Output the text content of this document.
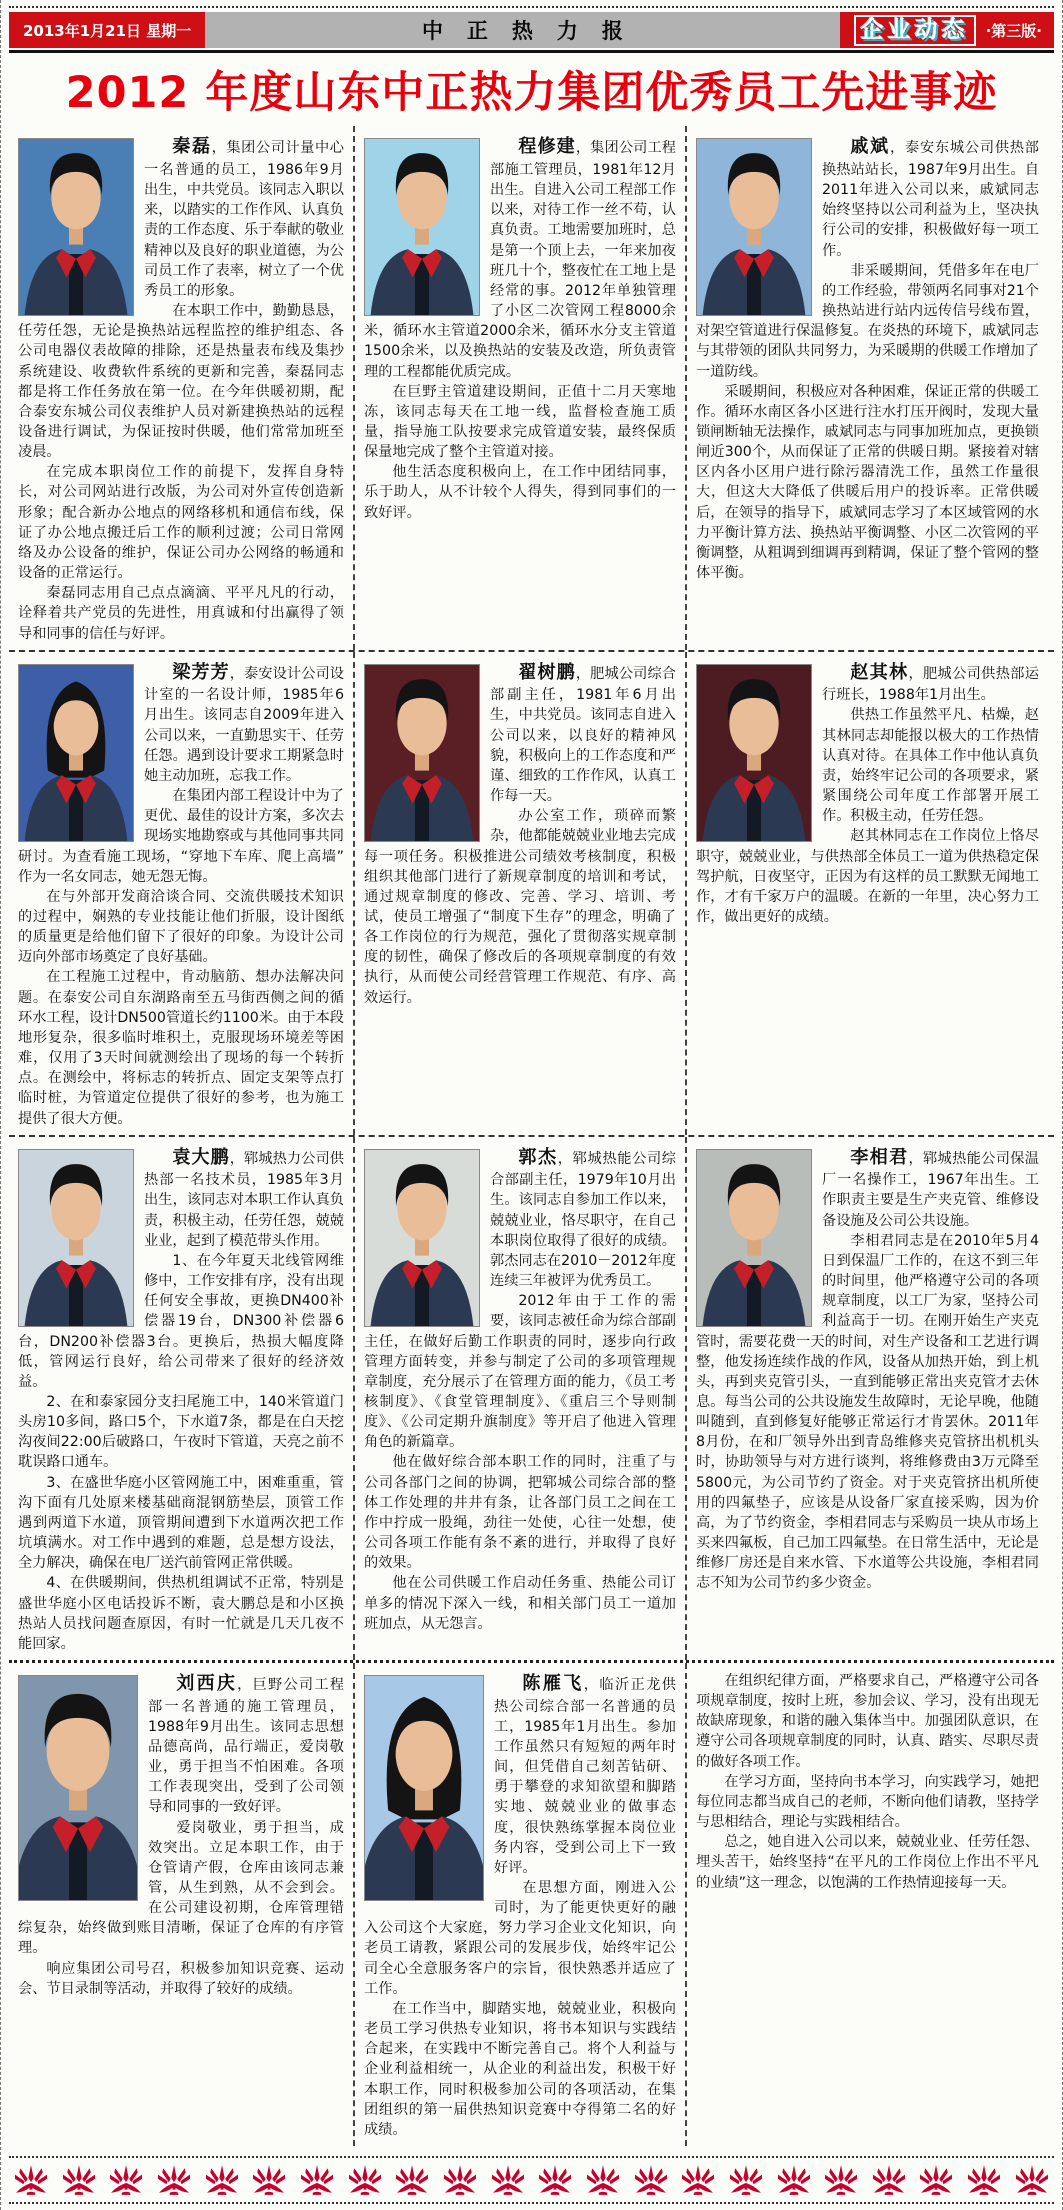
2013年1月21日 星期一	中正热力报	企业动态	·第三版·
2012 年度山东中正热力集团优秀员工先进事迹

秦磊，集团公司计量中心一名普通的员工，1986年9月出生，中共党员。该同志入职以来，以踏实的工作作风、认真负责的工作态度、乐于奉献的敬业精神以及良好的职业道德，为公司员工作了表率，树立了一个优秀员工的形象。

在本职工作中，勤勤恳恳，任劳任怨，无论是换热站远程监控的维护组态、各公司电器仪表故障的排除，还是热量表布线及集抄系统建设、收费软件系统的更新和完善，秦磊同志都是将工作任务放在第一位。在今年供暖初期，配合泰安东城公司仪表维护人员对新建换热站的远程设备进行调试，为保证按时供暖，他们常常加班至凌晨。

在完成本职岗位工作的前提下，发挥自身特长，对公司网站进行改版，为公司对外宣传创造新形象；配合新办公地点的网络移机和通信布线，保证了办公地点搬迁后工作的顺利过渡；公司日常网络及办公设备的维护，保证公司办公网络的畅通和设备的正常运行。

秦磊同志用自己点点滴滴、平平凡凡的行动，诠释着共产党员的先进性，用真诚和付出赢得了领导和同事的信任与好评。

程修建，集团公司工程部施工管理员，1981年12月出生。自进入公司工程部工作以来，对待工作一丝不苟，认真负责。工地需要加班时，总是第一个顶上去，一年来加夜班几十个，整夜忙在工地上是经常的事。2012年单独管理了小区二次管网工程8000余米，循环水主管道2000余米，循环水分支主管道1500余米，以及换热站的安装及改造，所负责管理的工程都能优质完成。

在巨野主管道建设期间，正值十二月天寒地冻，该同志每天在工地一线，监督检查施工质量，指导施工队按要求完成管道安装，最终保质保量地完成了整个主管道对接。

他生活态度积极向上，在工作中团结同事，乐于助人，从不计较个人得失，得到同事们的一致好评。

戚斌，泰安东城公司供热部换热站站长，1987年9月出生。自2011年进入公司以来，戚斌同志始终坚持以公司利益为上，坚决执行公司的安排，积极做好每一项工作。

非采暖期间，凭借多年在电厂的工作经验，带领两名同事对21个换热站进行站内远传信号线布置，对架空管道进行保温修复。在炎热的环境下，戚斌同志与其带领的团队共同努力，为采暖期的供暖工作增加了一道防线。

采暖期间，积极应对各种困难，保证正常的供暖工作。循环水南区各小区进行注水打压开阀时，发现大量锁闸断轴无法操作，戚斌同志与同事加班加点，更换锁闸近300个，从而保证了正常的供暖日期。紧接着对辖区内各小区用户进行除污器清洗工作，虽然工作量很大，但这大大降低了供暖后用户的投诉率。正常供暖后，在领导的指导下，戚斌同志学习了本区域管网的水力平衡计算方法、换热站平衡调整、小区二次管网的平衡调整，从粗调到细调再到精调，保证了整个管网的整体平衡。

梁芳芳，泰安设计公司设计室的一名设计师，1985年6月出生。该同志自2009年进入公司以来，一直勤思实干、任劳任怨。遇到设计要求工期紧急时她主动加班，忘我工作。

在集团内部工程设计中为了更优、最佳的设计方案，多次去现场实地勘察或与其他同事共同研讨。为查看施工现场，“穿地下车库、爬上高墙”作为一名女同志，她无怨无悔。

在与外部开发商洽谈合同、交流供暖技术知识的过程中，娴熟的专业技能让他们折服，设计图纸的质量更是给他们留下了很好的印象。为设计公司迈向外部市场奠定了良好基础。

在工程施工过程中，肯动脑筋、想办法解决问题。在泰安公司自东湖路南至五马街西侧之间的循环水工程，设计DN500管道长约1100米。由于本段地形复杂，很多临时堆积土，克服现场环境差等困难，仅用了3天时间就测绘出了现场的每一个转折点。在测绘中，将标志的转折点、固定支架等点打临时桩，为管道定位提供了很好的参考，也为施工提供了很大方便。

翟树鹏，肥城公司综合部副主任，1981年6月出生，中共党员。该同志自进入公司以来，以良好的精神风貌，积极向上的工作态度和严谨、细致的工作作风，认真工作每一天。

办公室工作，琐碎而繁杂，他都能兢兢业业地去完成每一项任务。积极推进公司绩效考核制度，积极组织其他部门进行了新规章制度的培训和考试，通过规章制度的修改、完善、学习、培训、考试，使员工增强了“制度下生存”的理念，明确了各工作岗位的行为规范，强化了贯彻落实规章制度的韧性，确保了修改后的各项规章制度的有效执行，从而使公司经营管理工作规范、有序、高效运行。

赵其林，肥城公司供热部运行班长，1988年1月出生。

供热工作虽然平凡、枯燥，赵其林同志却能报以极大的工作热情认真对待。在具体工作中他认真负责，始终牢记公司的各项要求，紧紧围绕公司年度工作部署开展工作。积极主动，任劳任怨。

赵其林同志在工作岗位上恪尽职守，兢兢业业，与供热部全体员工一道为供热稳定保驾护航，日夜坚守，正因为有这样的员工默默无闻地工作，才有千家万户的温暖。在新的一年里，决心努力工作，做出更好的成绩。

袁大鹏，郓城热力公司供热部一名技术员，1985年3月出生，该同志对本职工作认真负责，积极主动，任劳任怨，兢兢业业，起到了模范带头作用。

1、在今年夏天北线管网维修中，工作安排有序，没有出现任何安全事故，更换DN400补偿器19台，DN300补偿器6台，DN200补偿器3台。更换后，热损大幅度降低，管网运行良好，给公司带来了很好的经济效益。

2、在和泰家园分支扫尾施工中，140米管道门头房10多间，路口5个，下水道7条，都是在白天挖沟夜间22:00后破路口，午夜时下管道，天亮之前不耽误路口通车。

3、在盛世华庭小区管网施工中，困难重重，管沟下面有几处原来楼基础商混钢筋垫层，顶管工作遇到两道下水道，顶管期间遭到下水道两次把工作坑填满水。对工作中遇到的难题，总是想方设法，全力解决，确保在电厂送汽前管网正常供暖。

4、在供暖期间，供热机组调试不正常，特别是盛世华庭小区电话投诉不断，袁大鹏总是和小区换热站人员找问题查原因，有时一忙就是几天几夜不能回家。

郭杰，郓城热能公司综合部副主任，1979年10月出生。该同志自参加工作以来，兢兢业业，恪尽职守，在自己本职岗位取得了很好的成绩。郭杰同志在2010－2012年度连续三年被评为优秀员工。

2012年由于工作的需要，该同志被任命为综合部副主任，在做好后勤工作职责的同时，逐步向行政管理方面转变，并参与制定了公司的多项管理规章制度，充分展示了在管理方面的能力，《员工考核制度》、《食堂管理制度》、《重启三个导则制度》、《公司定期升旗制度》等开启了他进入管理角色的新篇章。

他在做好综合部本职工作的同时，注重了与公司各部门之间的协调，把郓城公司综合部的整体工作处理的井井有条，让各部门员工之间在工作中拧成一股绳，劲往一处使，心往一处想，使公司各项工作能有条不紊的进行，并取得了良好的效果。

他在公司供暖工作启动任务重、热能公司订单多的情况下深入一线，和相关部门员工一道加班加点，从无怨言。

李相君，郓城热能公司保温厂一名操作工，1967年出生。工作职责主要是生产夹克管、维修设备设施及公司公共设施。

李相君同志是在2010年5月4日到保温厂工作的，在这不到三年的时间里，他严格遵守公司的各项规章制度，以工厂为家，坚持公司利益高于一切。在刚开始生产夹克管时，需要花费一天的时间，对生产设备和工艺进行调整，他发扬连续作战的作风，设备从加热开始，到上机头，再到夹克管引头，一直到能够正常出夹克管才去休息。每当公司的公共设施发生故障时，无论早晚，他随叫随到，直到修复好能够正常运行才肯罢休。2011年8月份，在和厂领导外出到青岛维修夹克管挤出机机头时，协助领导与对方进行谈判，将维修费由3万元降至5800元，为公司节约了资金。对于夹克管挤出机所使用的四氟垫子，应该是从设备厂家直接采购，因为价高，为了节约资金，李相君同志与采购员一块从市场上买来四氟板，自己加工四氟垫。在日常生活中，无论是维修厂房还是自来水管、下水道等公共设施，李相君同志不知为公司节约多少资金。

刘西庆，巨野公司工程部一名普通的施工管理员，1988年9月出生。该同志思想品德高尚，品行端正，爱岗敬业，勇于担当不怕困难。各项工作表现突出，受到了公司领导和同事的一致好评。

爱岗敬业，勇于担当，成效突出。立足本职工作，由于仓管请产假，仓库由该同志兼管，从生到熟，从不会到会。在公司建设初期，仓库管理错综复杂，始终做到账目清晰，保证了仓库的有序管理。

响应集团公司号召，积极参加知识竞赛、运动会、节目录制等活动，并取得了较好的成绩。

陈雁飞，临沂正龙供热公司综合部一名普通的员工，1985年1月出生。参加工作虽然只有短短的两年时间，但凭借自己刻苦钻研、勇于攀登的求知欲望和脚踏实地、兢兢业业的做事态度，很快熟练掌握本岗位业务内容，受到公司上下一致好评。

在思想方面，刚进入公司时，为了能更快更好的融入公司这个大家庭，努力学习企业文化知识，向老员工请教，紧跟公司的发展步伐，始终牢记公司全心全意服务客户的宗旨，很快熟悉并适应了工作。

在工作当中，脚踏实地，兢兢业业，积极向老员工学习供热专业知识，将书本知识与实践结合起来，在实践中不断完善自己。将个人利益与企业利益相统一，从企业的利益出发，积极干好本职工作，同时积极参加公司的各项活动，在集团组织的第一届供热知识竞赛中夺得第二名的好成绩。

在组织纪律方面，严格要求自己，严格遵守公司各项规章制度，按时上班，参加会议、学习，没有出现无故缺席现象，和谐的融入集体当中。加强团队意识，在遵守公司各项规章制度的同时，认真、踏实、尽职尽责的做好各项工作。

在学习方面，坚持向书本学习，向实践学习，她把每位同志都当成自己的老师，不断向他们请教，坚持学与思相结合，理论与实践相结合。

总之，她自进入公司以来，兢兢业业、任劳任怨、埋头苦干，始终坚持“在平凡的工作岗位上作出不平凡的业绩”这一理念，以饱满的工作热情迎接每一天。
